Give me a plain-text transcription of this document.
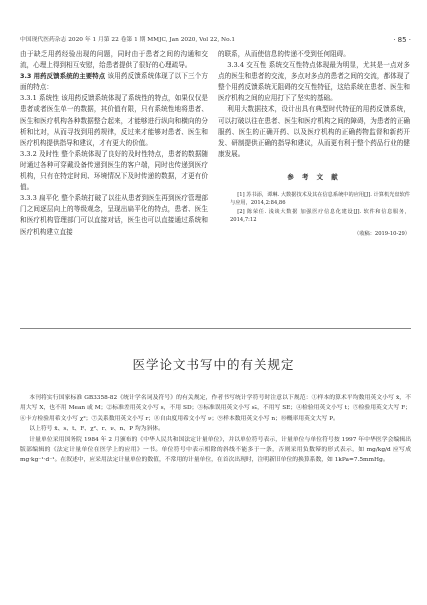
中国现代医药杂志 2020 年 1 月第 22 卷第 1 期 MMJC, Jan 2020, Vol 22, No.1	· 85 ·

由于缺乏用药经验出现的问题，同时由于患者之间的沟通和交流，心理上得到相互安慰，给患者提供了很好的心理疏导。

3.3 用药反馈系统的主要特点 该用药反馈系统体现了以下三个方面的特点：

3.3.1 系统性 该用药反馈系统体现了系统性的特点，如果仅仅是患者或者医生单一的数据，其价值有限，只有系统性地将患者、医生和医疗机构各种数据整合起来，才能够进行纵向和横向的分析和比对，从而寻找到用药规律，反过来才能够对患者、医生和医疗机构提供指导和建议，才有更大的价值。

3.3.2 及时性 整个系统体现了良好的及时性特点，患者的数据随时通过各种可穿戴设备传递到医生的客户端，同时也传递到医疗机构，只有在特定时间、环境情况下及时传递的数据，才更有价值。

3.3.3 扁平化 整个系统打破了以往从患者到医生再到医疗管理部门之间逐层向上的等级观念，呈现出扁平化的特点，患者、医生和医疗机构管理部门可以直接对话，医生也可以直接通过系统和医疗机构建立直接

的联系，从而使信息的传递不受到任何阻碍。

3.3.4 交互性 系统交互性特点体现最为明显，尤其是一点对多点的医生和患者的交流，多点对多点的患者之间的交流，都体现了整个用药反馈系统无阻碍的交互性特征，这给系统在患者、医生和医疗机构之间的应用打下了坚实的基础。

利用大数据技术，设计出具有典型时代特征的用药反馈系统，可以打破以往在患者、医生和医疗机构之间的障碍，为患者的正确服药、医生的正确开药、以及医疗机构的正确药物监督和新药开发、研制提供正确的指导和建议，从而更有利于整个药品行业的健康发展。

参 考 文 献

[1] 苏书添，谭琳. 大数据技术及其在信息系统中的应用[J]. 计算机光盘软件与应用，2014,2:84,86

[2] 陈荣任. 浅谈大数据 加强医疗信息化建设[J]. 软件和信息服务，2014,7:12

（收稿：2019-10-29）
医学论文书写中的有关规定

本刊将实行国家标准 GB3358-82《统计学名词及符号》的有关规定，作者书写统计学符号时注意以下规范：①样本的算术平均数用英文小写 x̄，不用大写 X，也不用 Mean 或 M；②标准差用英文小写 s，不用 SD；③标准误用英文小写 sₓ̄，不用写 SE；④检验用英文小写 t；⑤检验用英文大写 F；⑥卡方检验用希文小写 χ²；⑦关系数用英文小写 r；⑧自由度用希文小写 ν；⑨样本数用英文小写 n；⑩概率用英文大写 P。

以上符号 x̄、s、t、F、χ²、r、ν、n、P 均为斜体。

计量单位采用国务院 1984 年 2 月颁布的《中华人民共和国法定计量单位》，并以单位符号表示，计量单位与单位符号按 1997 年中华医学会编辑出版部编辑的《法定计量单位在医学上的应用》一书。单位符号中表示相除的斜线不能多于一条，否则采用负数幂的形式表示，如 mg/kg/d 应写成 mg·kg⁻¹·d⁻¹。在叙述中，应采用法定计量单位的数值，不常用的计量单位，在首次出现时，注明新旧单位的换算系数，如 1kPa=7.5mmHg。
